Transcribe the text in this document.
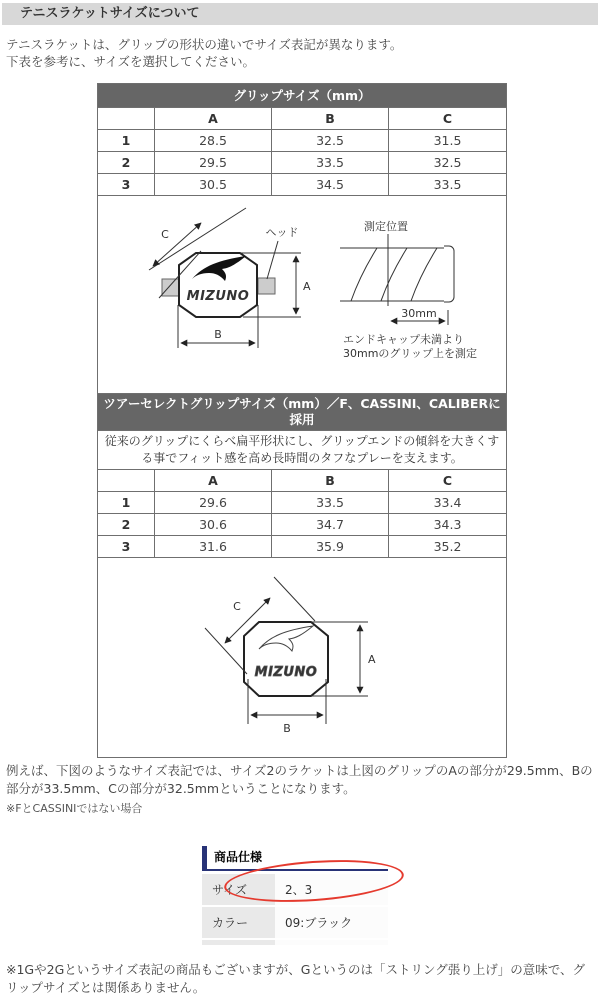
テニスラケットサイズについて
テニスラケットは、グリップの形状の違いでサイズ表記が異なります。
下表を参考に、サイズを選択してください。
グリップサイズ（mm）			
	A	B	C
1	28.5	32.5	31.5
2	29.5	33.5	32.5
3	30.5	34.5	33.5

MIZUNO
C	ヘッド
A
B
測定位置
30mm
エンドキャップ未満より
30mmのグリップ上を測定
ツアーセレクトグリップサイズ（mm）／F、CASSINI、CALIBERに採用			
従来のグリップにくらべ扁平形状にし、グリップエンドの傾斜を大きくする事でフィット感を高め長時間のタフなプレーを支えます。			
	A	B	C
1	29.6	33.5	33.4
2	30.6	34.7	34.3
3	31.6	35.9	35.2

MIZUNO
C
A
B			
例えば、下図のようなサイズ表記では、サイズ2のラケットは上図のグリップのAの部分が29.5mm、Bの部分が33.5mm、Cの部分が32.5mmということになります。
※FとCASSINIではない場合
商品仕様
サイズ	2、3
カラー	09:ブラック
※1Gや2Gというサイズ表記の商品もございますが、Gというのは「ストリング張り上げ」の意味で、グリップサイズとは関係ありません。
